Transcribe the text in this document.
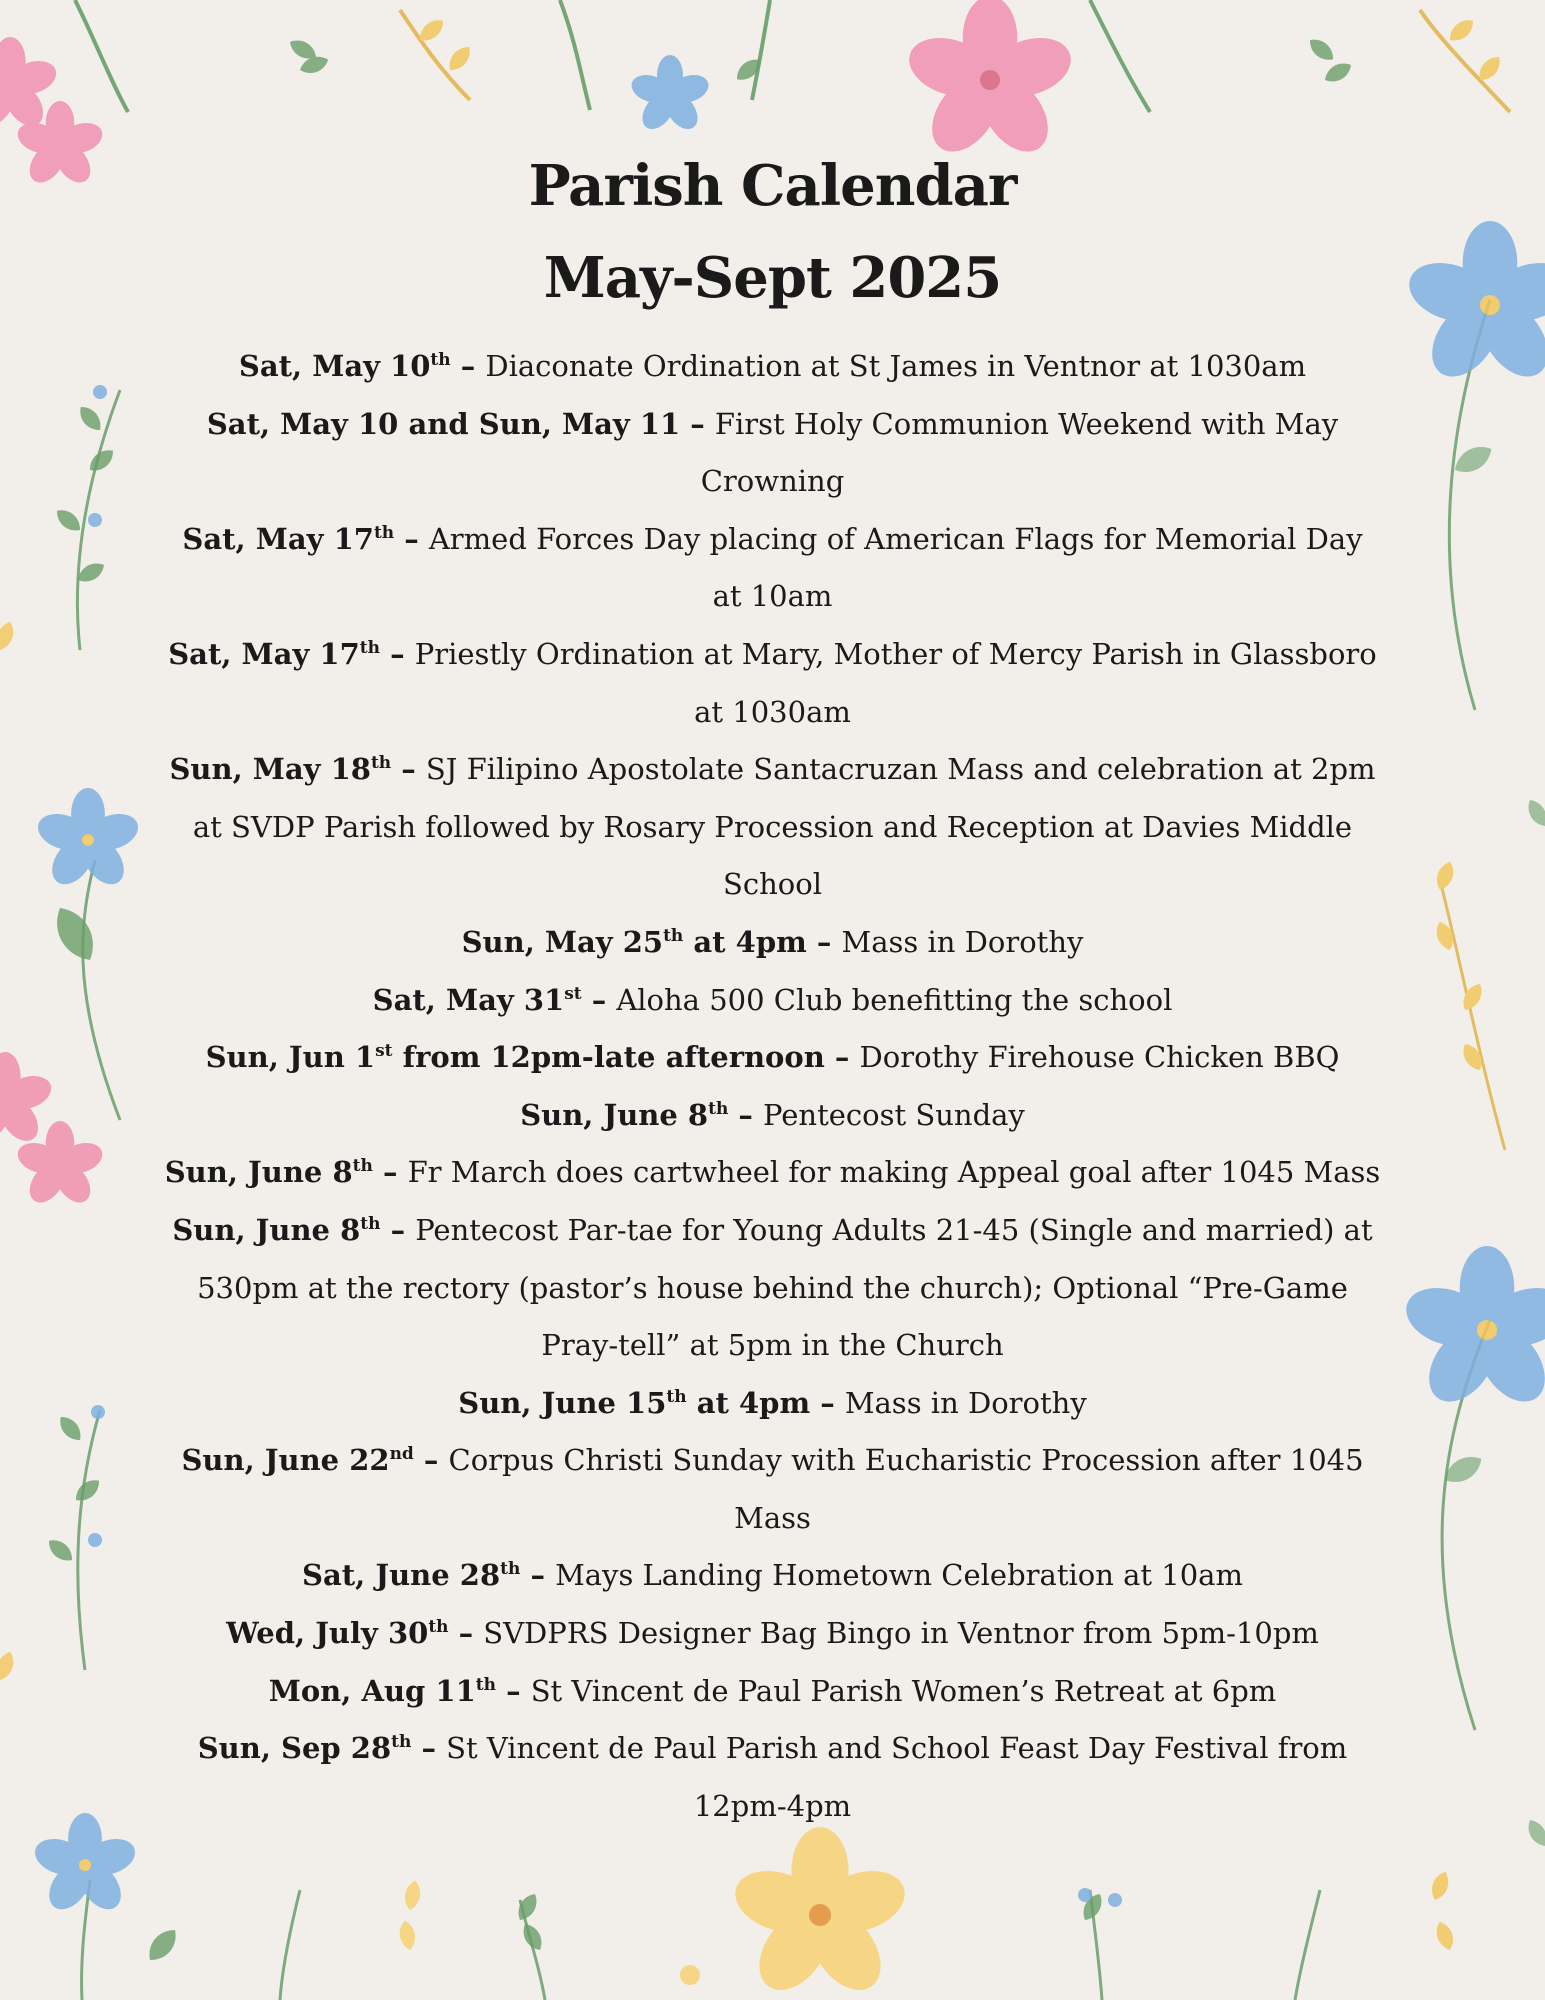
Parish Calendar
May-Sept 2025
Sat, May 10th – Diaconate Ordination at St James in Ventnor at 1030am
Sat, May 10 and Sun, May 11 – First Holy Communion Weekend with May Crowning
Sat, May 17th – Armed Forces Day placing of American Flags for Memorial Day at 10am
Sat, May 17th – Priestly Ordination at Mary, Mother of Mercy Parish in Glassboro at 1030am
Sun, May 18th – SJ Filipino Apostolate Santacruzan Mass and celebration at 2pm at SVDP Parish followed by Rosary Procession and Reception at Davies Middle School
Sun, May 25th at 4pm – Mass in Dorothy
Sat, May 31st – Aloha 500 Club benefitting the school
Sun, Jun 1st from 12pm-late afternoon – Dorothy Firehouse Chicken BBQ
Sun, June 8th – Pentecost Sunday
Sun, June 8th – Fr March does cartwheel for making Appeal goal after 1045 Mass
Sun, June 8th – Pentecost Par-tae for Young Adults 21-45 (Single and married) at 530pm at the rectory (pastor’s house behind the church); Optional “Pre-Game Pray-tell” at 5pm in the Church
Sun, June 15th at 4pm – Mass in Dorothy
Sun, June 22nd – Corpus Christi Sunday with Eucharistic Procession after 1045 Mass
Sat, June 28th – Mays Landing Hometown Celebration at 10am
Wed, July 30th – SVDPRS Designer Bag Bingo in Ventnor from 5pm-10pm
Mon, Aug 11th – St Vincent de Paul Parish Women’s Retreat at 6pm
Sun, Sep 28th – St Vincent de Paul Parish and School Feast Day Festival from 12pm-4pm
